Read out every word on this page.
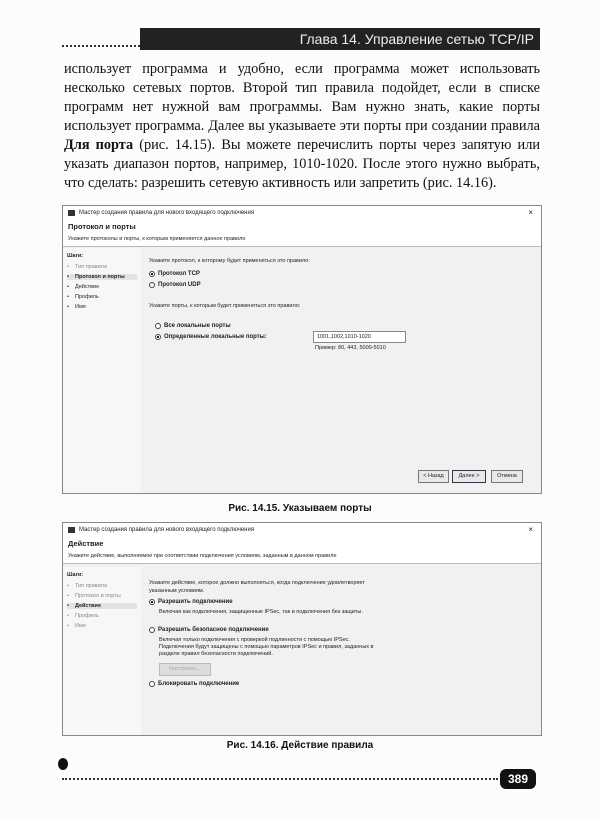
Глава 14. Управление сетью TCP/IP

использует программа и удобно, если программа может использовать несколько сетевых портов. Второй тип правила подойдет, если в списке программ нет нужной вам программы. Вам нужно знать, какие порты использует программа. Далее вы указываете эти порты при создании правила Для порта (рис. 14.15). Вы можете перечислить порты через запятую или указать диапазон портов, например, 1010-1020. После этого нужно выбрать, что сделать: разрешить сетевую активность или запретить (рис. 14.16).

Мастер создания правила для нового входящего подключения	×
Протокол и порты
Укажите протоколы и порты, к которым применяется данное правило
Шаги:
• Тип правила
• Протокол и порты
• Действие
• Профиль
• Имя
Укажите протокол, к которому будет применяться это правило:
Протокол TCP
Протокол UDP
Укажите порты, к которым будет применяться это правило:
Все локальные порты
Определенные локальные порты:	1001,1002,1010-1020
Пример: 80, 443, 5000-5010
< Назад	Далее >	Отмена
Рис. 14.15. Указываем порты
Мастер создания правила для нового входящего подключения	×
Действие
Укажите действие, выполняемое при соответствии подключения условиям, заданным в данном правиле
Шаги:
• Тип правила
• Протокол и порты
• Действие
• Профиль
• Имя
Укажите действие, которое должно выполняться, когда подключение удовлетворяет указанным условиям.
Разрешить подключение
Включая как подключения, защищенные IPSec, так и подключения без защиты.
Разрешить безопасное подключение
Включая только подключения с проверкой подлинности с помощью IPSec. Подключения будут защищены с помощью параметров IPSec и правил, заданных в разделе правил безопасности подключений.
Настроить...
Блокировать подключение
Рис. 14.16. Действие правила
389
